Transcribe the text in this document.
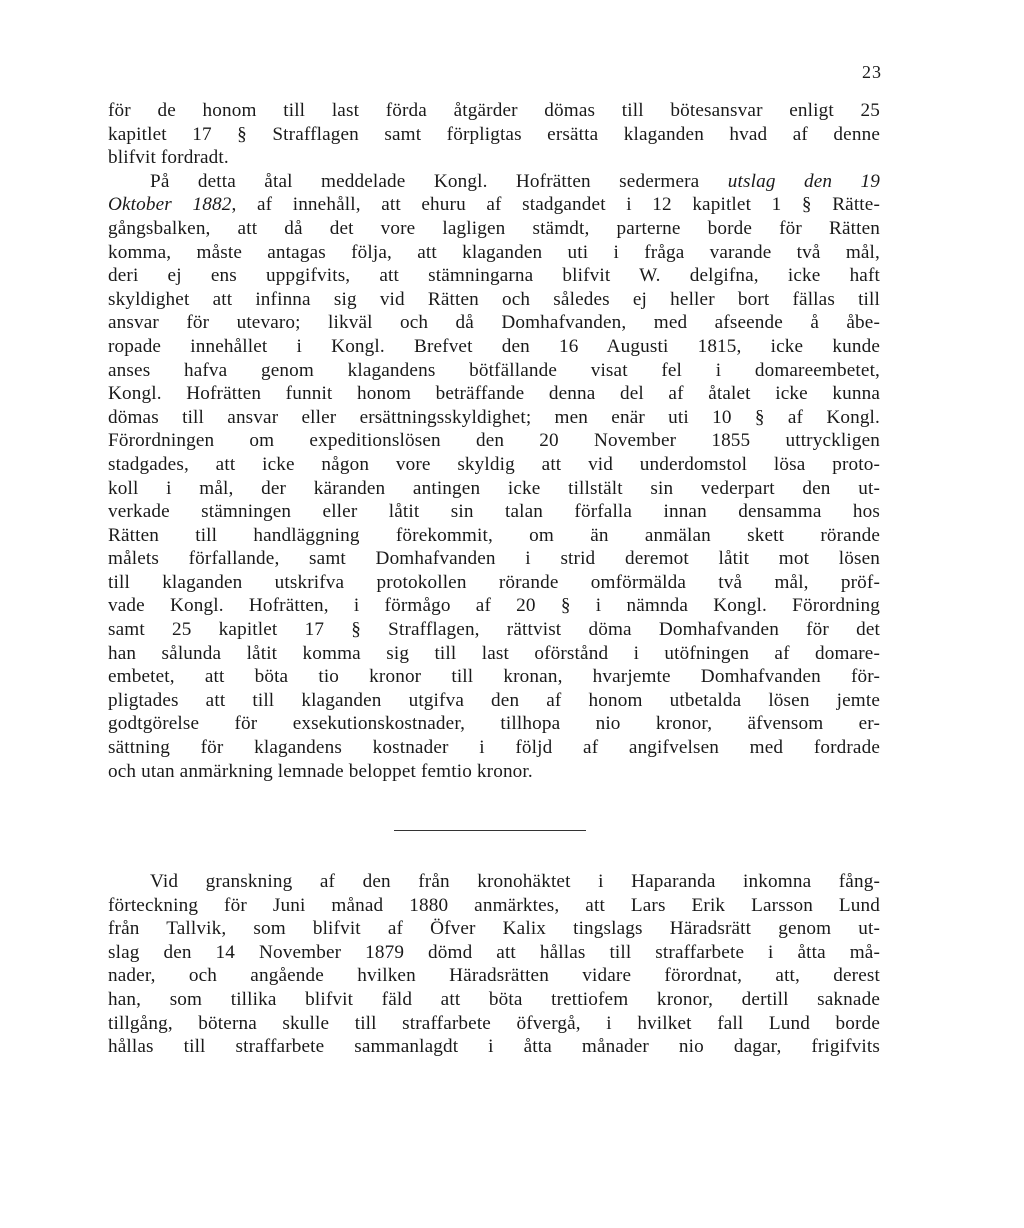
23
för de honom till last förda åtgärder dömas till bötesansvar enligt 25
kapitlet 17 § Strafflagen samt förpligtas ersätta klaganden hvad af denne
blifvit fordradt.
På detta åtal meddelade Kongl. Hofrätten sedermera utslag den 19
Oktober 1882, af innehåll, att ehuru af stadgandet i 12 kapitlet 1 § Rätte-
gångsbalken, att då det vore lagligen stämdt, parterne borde för Rätten
komma, måste antagas följa, att klaganden uti i fråga varande två mål,
deri ej ens uppgifvits, att stämningarna blifvit W. delgifna, icke haft
skyldighet att infinna sig vid Rätten och således ej heller bort fällas till
ansvar för utevaro; likväl och då Domhafvanden, med afseende å åbe-
ropade innehållet i Kongl. Brefvet den 16 Augusti 1815, icke kunde
anses hafva genom klagandens bötfällande visat fel i domareembetet,
Kongl. Hofrätten funnit honom beträffande denna del af åtalet icke kunna
dömas till ansvar eller ersättningsskyldighet; men enär uti 10 § af Kongl.
Förordningen om expeditionslösen den 20 November 1855 uttryckligen
stadgades, att icke någon vore skyldig att vid underdomstol lösa proto-
koll i mål, der käranden antingen icke tillstält sin vederpart den ut-
verkade stämningen eller låtit sin talan förfalla innan densamma hos
Rätten till handläggning förekommit, om än anmälan skett rörande
målets förfallande, samt Domhafvanden i strid deremot låtit mot lösen
till klaganden utskrifva protokollen rörande omförmälda två mål, pröf-
vade Kongl. Hofrätten, i förmågo af 20 § i nämnda Kongl. Förordning
samt 25 kapitlet 17 § Strafflagen, rättvist döma Domhafvanden för det
han sålunda låtit komma sig till last oförstånd i utöfningen af domare-
embetet, att böta tio kronor till kronan, hvarjemte Domhafvanden för-
pligtades att till klaganden utgifva den af honom utbetalda lösen jemte
godtgörelse för exsekutionskostnader, tillhopa nio kronor, äfvensom er-
sättning för klagandens kostnader i följd af angifvelsen med fordrade
och utan anmärkning lemnade beloppet femtio kronor.
Vid granskning af den från kronohäktet i Haparanda inkomna fång-
förteckning för Juni månad 1880 anmärktes, att Lars Erik Larsson Lund
från Tallvik, som blifvit af Öfver Kalix tingslags Häradsrätt genom ut-
slag den 14 November 1879 dömd att hållas till straffarbete i åtta må-
nader, och angående hvilken Häradsrätten vidare förordnat, att, derest
han, som tillika blifvit fäld att böta trettiofem kronor, dertill saknade
tillgång, böterna skulle till straffarbete öfvergå, i hvilket fall Lund borde
hållas till straffarbete sammanlagdt i åtta månader nio dagar, frigifvits
